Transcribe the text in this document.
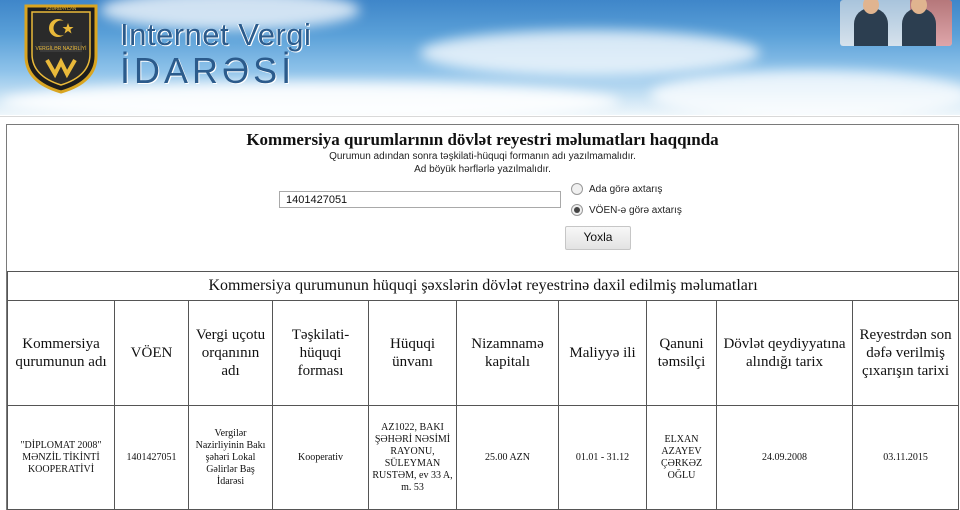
VERGİLƏR NAZİRLİYİ
AZƏRBAYCAN
Internet Vergi
İDARƏSİ
Kommersiya qurumlarının dövlət reyestri məlumatları haqqında
Qurumun adından sonra təşkilati-hüquqi formanın adı yazılmamalıdır.
Ad böyük hərflərlə yazılmalıdır.
1401427051
Ada görə axtarış
VÖEN-ə görə axtarış
Yoxla
Kommersiya qurumunun hüquqi şəxslərin dövlət reyestrinə daxil edilmiş məlumatları									
Kommersiya qurumunun adı	VÖEN	Vergi uçotu orqanının adı	Təşkilati-hüquqi forması	Hüquqi ünvanı	Nizamnamə kapitalı	Maliyyə ili	Qanuni təmsilçi	Dövlət qeydiyyatına alındığı tarix	Reyestrdən son dəfə verilmiş çıxarışın tarixi
"DİPLOMAT 2008" MƏNZİL TİKİNTİ KOOPERATİVİ	1401427051	Vergilər Nazirliyinin Bakı şəhəri Lokal Gəlirlər Baş İdarəsi	Kooperativ	AZ1022, BAKI ŞƏHƏRİ NƏSİMİ RAYONU, SÜLEYMAN RUSTƏM, ev 33 A, m. 53	25.00 AZN	01.01 - 31.12	ELXAN AZAYEV ÇƏRKƏZ OĞLU	24.09.2008	03.11.2015
